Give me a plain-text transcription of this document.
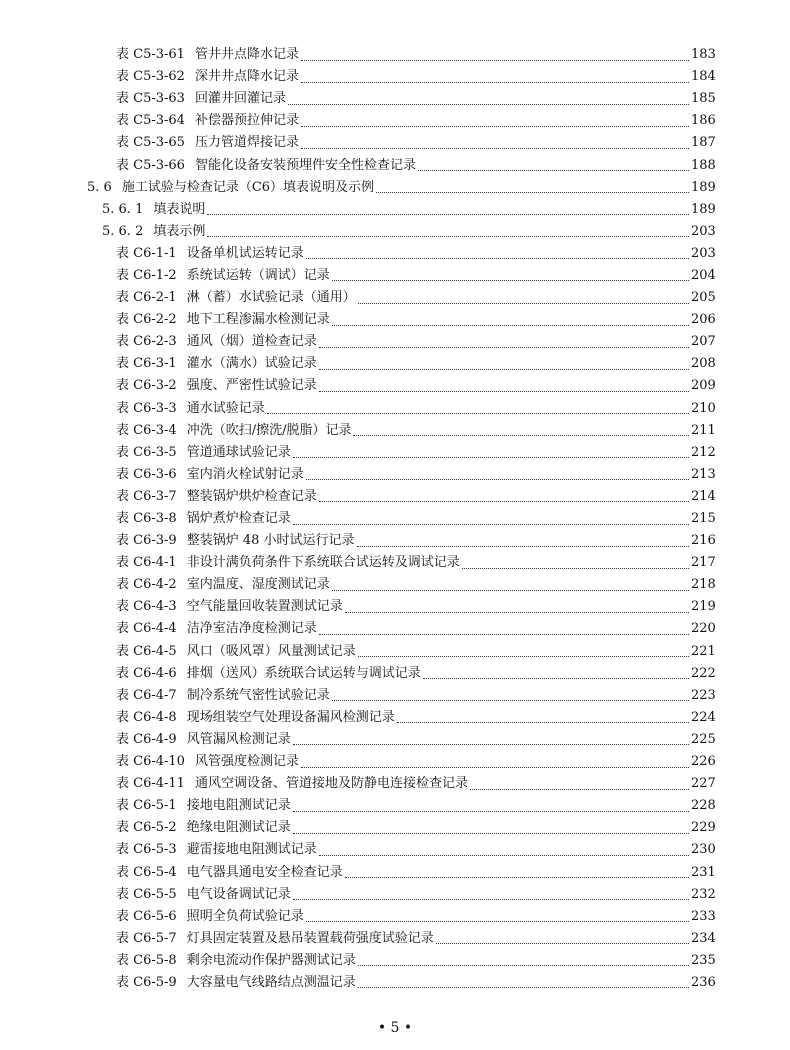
表 C5-3-61 管井井点降水记录	183
表 C5-3-62 深井井点降水记录	184
表 C5-3-63 回灌井回灌记录	185
表 C5-3-64 补偿器预拉伸记录	186
表 C5-3-65 压力管道焊接记录	187
表 C5-3-66 智能化设备安装预埋件安全性检查记录	188
5. 6 施工试验与检查记录（C6）填表说明及示例	189
5. 6. 1 填表说明	189
5. 6. 2 填表示例	203
表 C6-1-1 设备单机试运转记录	203
表 C6-1-2 系统试运转（调试）记录	204
表 C6-2-1 淋（蓄）水试验记录（通用）	205
表 C6-2-2 地下工程渗漏水检测记录	206
表 C6-2-3 通风（烟）道检查记录	207
表 C6-3-1 灌水（满水）试验记录	208
表 C6-3-2 强度、严密性试验记录	209
表 C6-3-3 通水试验记录	210
表 C6-3-4 冲洗（吹扫/擦洗/脱脂）记录	211
表 C6-3-5 管道通球试验记录	212
表 C6-3-6 室内消火栓试射记录	213
表 C6-3-7 整装锅炉烘炉检查记录	214
表 C6-3-8 锅炉煮炉检查记录	215
表 C6-3-9 整装锅炉 48 小时试运行记录	216
表 C6-4-1 非设计满负荷条件下系统联合试运转及调试记录	217
表 C6-4-2 室内温度、湿度测试记录	218
表 C6-4-3 空气能量回收装置测试记录	219
表 C6-4-4 洁净室洁净度检测记录	220
表 C6-4-5 风口（吸风罩）风量测试记录	221
表 C6-4-6 排烟（送风）系统联合试运转与调试记录	222
表 C6-4-7 制冷系统气密性试验记录	223
表 C6-4-8 现场组装空气处理设备漏风检测记录	224
表 C6-4-9 风管漏风检测记录	225
表 C6-4-10 风管强度检测记录	226
表 C6-4-11 通风空调设备、管道接地及防静电连接检查记录	227
表 C6-5-1 接地电阻测试记录	228
表 C6-5-2 绝缘电阻测试记录	229
表 C6-5-3 避雷接地电阻测试记录	230
表 C6-5-4 电气器具通电安全检查记录	231
表 C6-5-5 电气设备调试记录	232
表 C6-5-6 照明全负荷试验记录	233
表 C6-5-7 灯具固定装置及悬吊装置载荷强度试验记录	234
表 C6-5-8 剩余电流动作保护器测试记录	235
表 C6-5-9 大容量电气线路结点测温记录	236
• 5 •
